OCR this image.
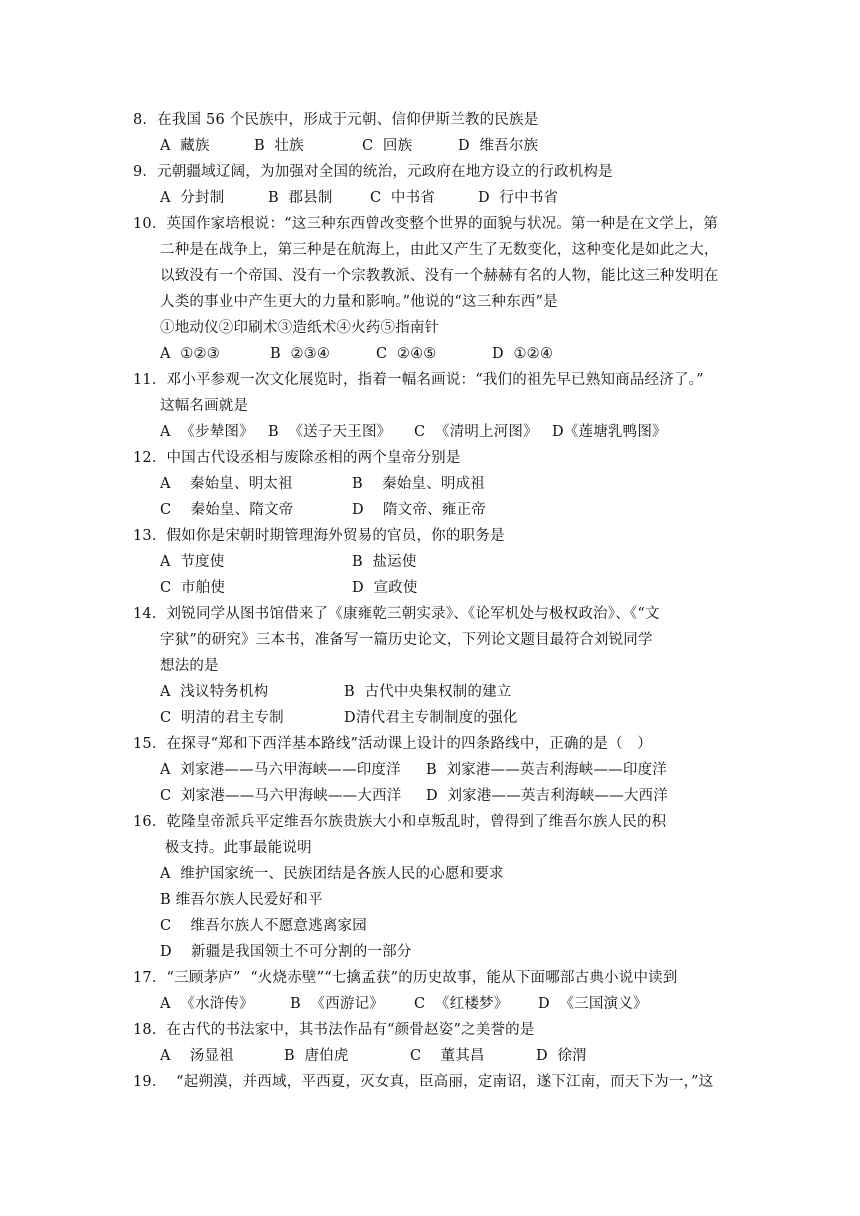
8．在我国 56 个民族中，形成于元朝、信仰伊斯兰教的民族是
A  藏族	B  壮族	C  回族	D  维吾尔族
9．元朝疆域辽阔，为加强对全国的统治，元政府在地方设立的行政机构是
A  分封制	B  郡县制	C  中书省	D  行中书省
10．英国作家培根说：“这三种东西曾改变整个世界的面貌与状况。第一种是在文学上，第
二种是在战争上，第三种是在航海上，由此又产生了无数变化，这种变化是如此之大，
以致没有一个帝国、没有一个宗教教派、没有一个赫赫有名的人物，能比这三种发明在
人类的事业中产生更大的力量和影响。”他说的“这三种东西”是
①地动仪②印刷术③造纸术④火药⑤指南针
A  ①②③	B  ②③④	C  ②④⑤	D  ①②④
11．邓小平参观一次文化展览时，指着一幅名画说：“我们的祖先早已熟知商品经济了。”
这幅名画就是
A  《步辇图》 B  《送子天王图》 C  《清明上河图》 D《莲塘乳鸭图》
12．中国古代设丞相与废除丞相的两个皇帝分别是
A    秦始皇、明太祖	B    秦始皇、明成祖
C    秦始皇、隋文帝	D    隋文帝、雍正帝
13．假如你是宋朝时期管理海外贸易的官员，你的职务是
A  节度使	B  盐运使
C  市舶使	D  宣政使
14．刘锐同学从图书馆借来了《康雍乾三朝实录》、《论军机处与极权政治》、《“文
字狱”的研究》三本书，准备写一篇历史论文，下列论文题目最符合刘锐同学
想法的是
A  浅议特务机构	B  古代中央集权制的建立
C  明清的君主专制	D清代君主专制制度的强化
15．在探寻“郑和下西洋基本路线”活动课上设计的四条路线中，正确的是（   ）
A  刘家港——马六甲海峡——印度洋 B  刘家港——英吉利海峡——印度洋
C  刘家港——马六甲海峡——大西洋 D  刘家港——英吉利海峡——大西洋
16．乾隆皇帝派兵平定维吾尔族贵族大小和卓叛乱时，曾得到了维吾尔族人民的积
极支持。此事最能说明
A  维护国家统一、民族团结是各族人民的心愿和要求
B 维吾尔族人民爱好和平
C    维吾尔族人不愿意逃离家园
D    新疆是我国领土不可分割的一部分
17．“三顾茅庐”  “火烧赤壁”“七擒孟获”的历史故事，能从下面哪部古典小说中读到
A  《水浒传》 B  《西游记》 C  《红楼梦》 D  《三国演义》
18．在古代的书法家中，其书法作品有“颜骨赵姿”之美誉的是
A    汤显祖	B  唐伯虎	C    董其昌	D  徐渭
19．  “起朔漠，并西域，平西夏，灭女真，臣高丽，定南诏，遂下江南，而天下为一，”这
